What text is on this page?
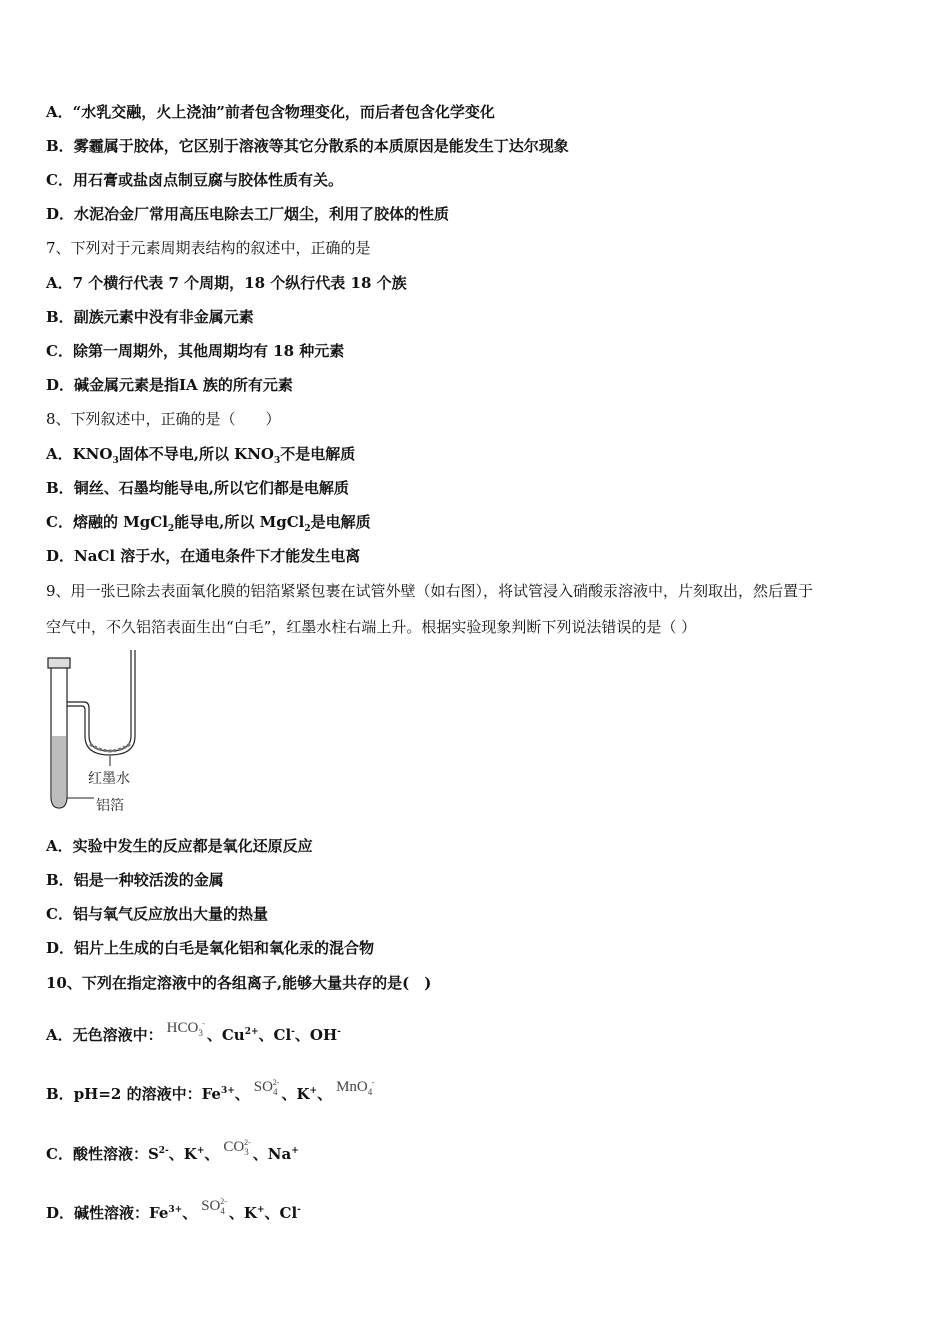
A．“水乳交融，火上浇油”前者包含物理变化，而后者包含化学变化
B．雾霾属于胶体，它区别于溶液等其它分散系的本质原因是能发生丁达尔现象
C．用石膏或盐卤点制豆腐与胶体性质有关。
D．水泥冶金厂常用高压电除去工厂烟尘，利用了胶体的性质
7、下列对于元素周期表结构的叙述中，正确的是
A．7 个横行代表 7 个周期，18 个纵行代表 18 个族
B．副族元素中没有非金属元素
C．除第一周期外，其他周期均有 18 种元素
D．碱金属元素是指ⅠA 族的所有元素
8、下列叙述中，正确的是（　　）
A．$KNO_3$固体不导电,所以 $KNO_3$不是电解质
B．铜丝、石墨均能导电,所以它们都是电解质
C．熔融的 MgCl$_2$能导电,所以 MgCl$_2$是电解质
D．NaCl 溶于水，在通电条件下才能发生电离
9、用一张已除去表面氧化膜的铝箔紧紧包裹在试管外壁（如右图），将试管浸入硝酸汞溶液中，片刻取出，然后置于
空气中，不久铝箔表面生出“白毛”，红墨水柱右端上升。根据实验现象判断下列说法错误的是（ ）
红墨水
铝箔
A．实验中发生的反应都是氧化还原反应
B．铝是一种较活泼的金属
C．铝与氧气反应放出大量的热量
D．铝片上生成的白毛是氧化铝和氧化汞的混合物
10、下列在指定溶液中的各组离子,能够大量共存的是(　)
A．无色溶液中： $HCO_3$
-
、$Cu^{2+}$、Cl-、OH-
B．pH=2 的溶液中：$Fe^{3+}$、 $SO_4$
2-
、K+、 MnO$_4$
-
C．酸性溶液：$S^{2-}$、K+、 $CO_3$
2-
、Na+
D．碱性溶液：$Fe^{3+}$、 $SO_4$
2-
、K+、Cl-
